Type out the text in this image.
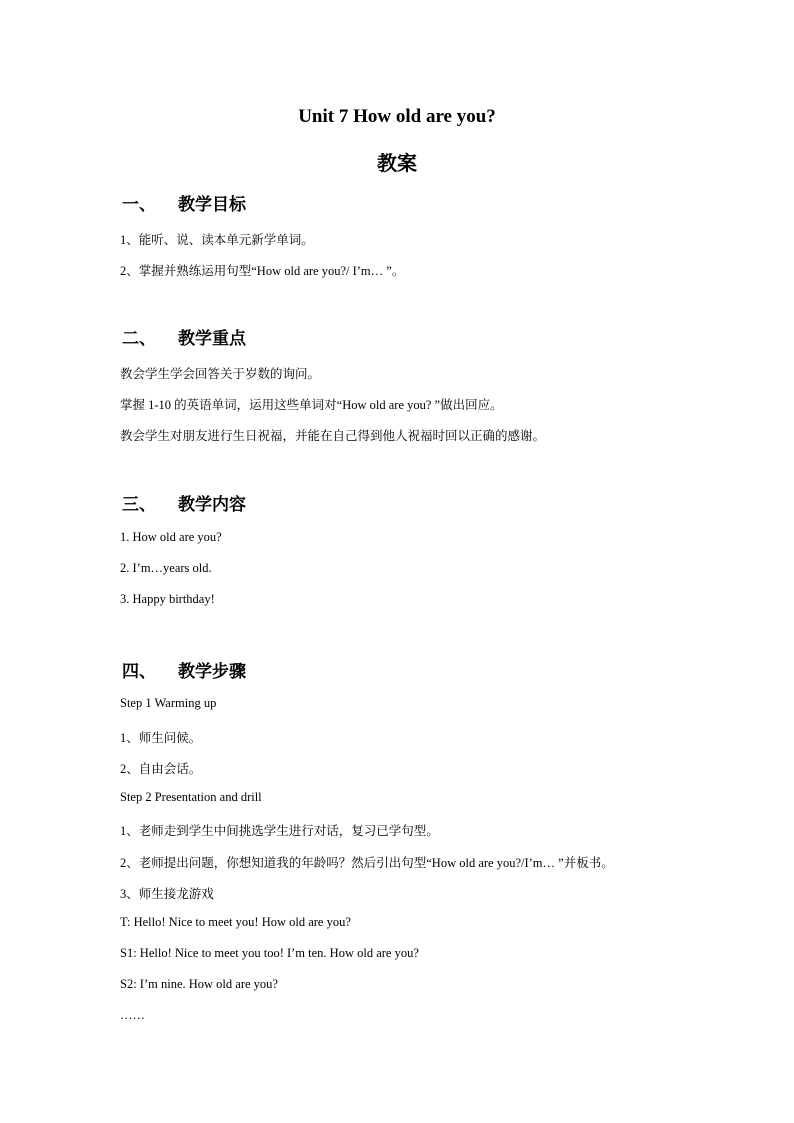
Unit 7 How old are you?
教案
一、 教学目标

1、能听、说、读本单元新学单词。

2、掌握并熟练运用句型“How old are you?/ I’m… ”。

二、 教学重点

教会学生学会回答关于岁数的询问。

掌握 1-10 的英语单词，运用这些单词对“How old are you? ”做出回应。

教会学生对朋友进行生日祝福，并能在自己得到他人祝福时回以正确的感谢。

三、 教学内容

1. How old are you?

2. I’m…years old.

3. Happy birthday!

四、 教学步骤

Step 1 Warming up

1、师生问候。

2、自由会话。

Step 2 Presentation and drill

1、老师走到学生中间挑选学生进行对话，复习已学句型。

2、老师提出问题，你想知道我的年龄吗？然后引出句型“How old are you?/I’m… ”并板书。

3、师生接龙游戏

T: Hello! Nice to meet you! How old are you?

S1: Hello! Nice to meet you too! I’m ten. How old are you?

S2: I’m nine. How old are you?

……
